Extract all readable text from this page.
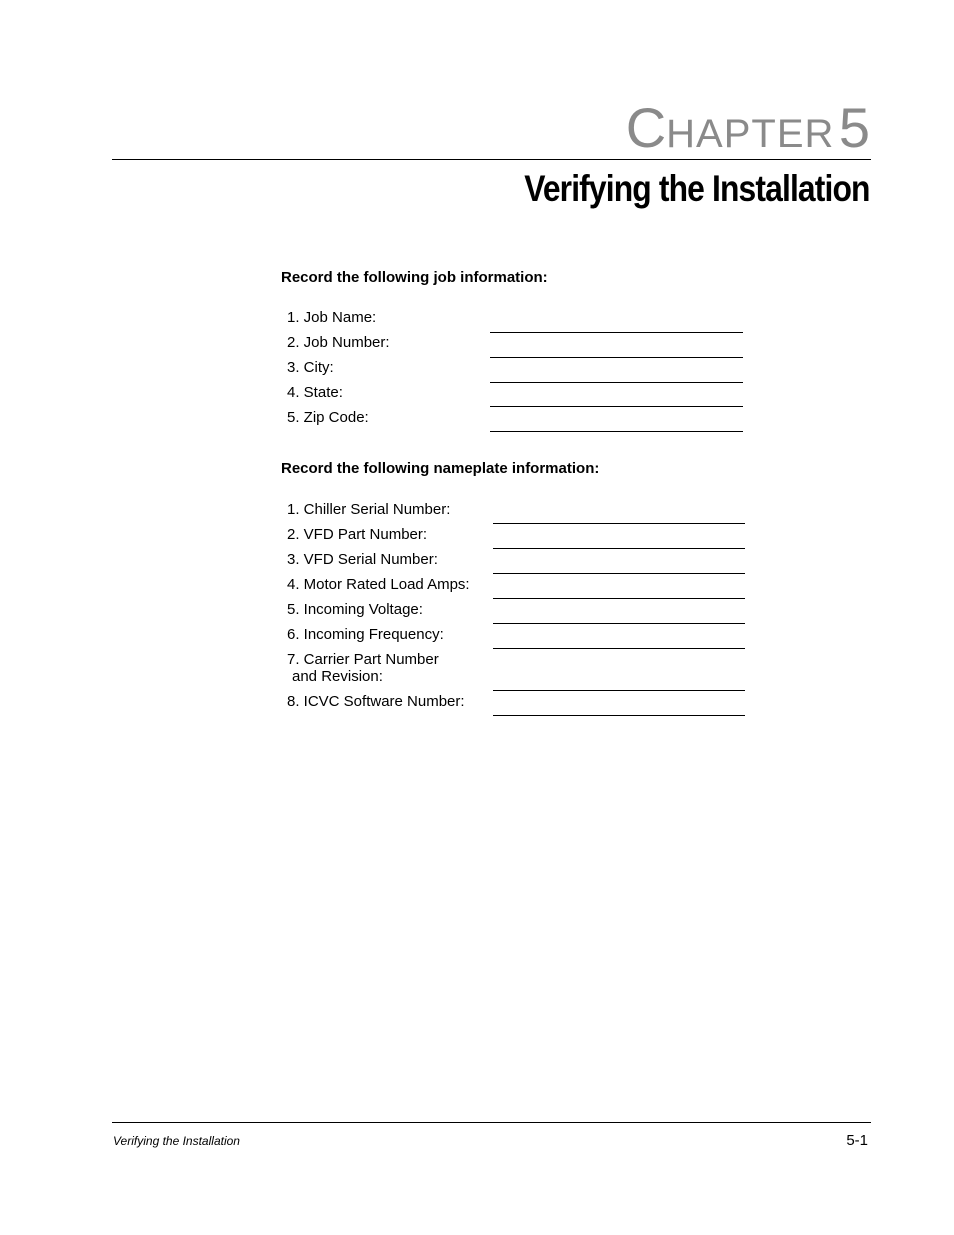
CHAPTER 5
Verifying the Installation
Record the following job information:
1. Job Name:
2. Job Number:
3. City:
4. State:
5. Zip Code:
Record the following nameplate information:
1. Chiller Serial Number:
2. VFD Part Number:
3. VFD Serial Number:
4. Motor Rated Load Amps:
5. Incoming Voltage:
6. Incoming Frequency:
7. Carrier Part Number
and Revision:
8. ICVC Software Number:
Verifying the Installation	5-1
